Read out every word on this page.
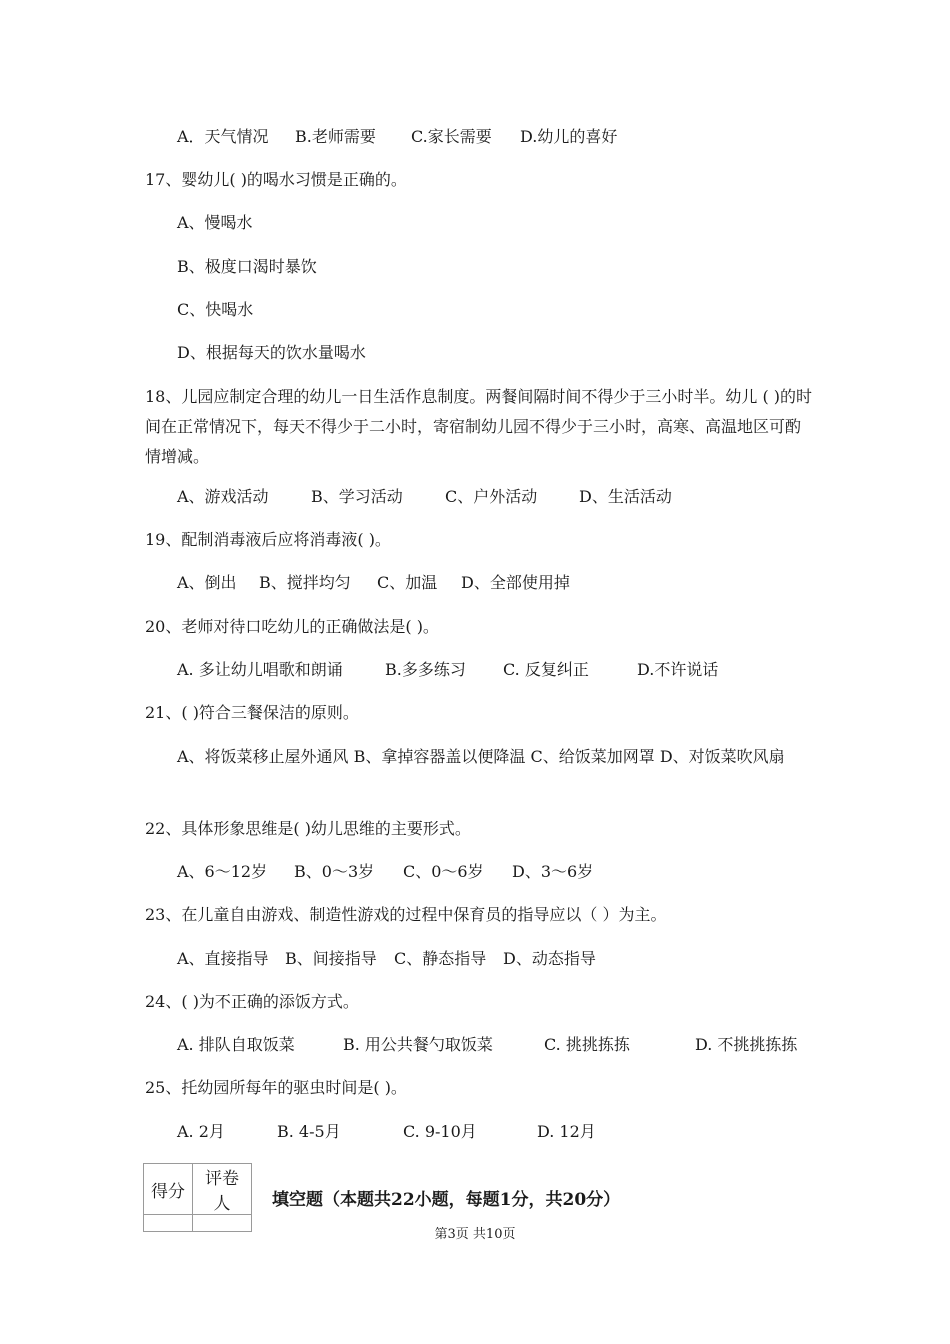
A．天气情况 B.老师需要 C.家长需要 D.幼儿的喜好
17、婴幼儿( )的喝水习惯是正确的。
A、慢喝水
B、极度口渴时暴饮
C、快喝水
D、根据每天的饮水量喝水
18、儿园应制定合理的幼儿一日生活作息制度。两餐间隔时间不得少于三小时半。幼儿 ( )的时间在正常情况下，每天不得少于二小时，寄宿制幼儿园不得少于三小时，高寒、高温地区可酌情增减。
A、游戏活动	B、学习活动	C、户外活动	D、生活活动
19、配制消毒液后应将消毒液( )。
A、倒出 B、搅拌均匀 C、加温 D、全部使用掉
20、老师对待口吃幼儿的正确做法是( )。
A. 多让幼儿唱歌和朗诵	B.多多练习 C. 反复纠正	D.不许说话
21、( )符合三餐保洁的原则。
A、将饭菜移止屋外通风 B、拿掉容器盖以便降温 C、给饭菜加网罩 D、对饭菜吹风扇
22、具体形象思维是( )幼儿思维的主要形式。
A、6～12岁 B、0～3岁 C、0～6岁 D、3～6岁
23、在儿童自由游戏、制造性游戏的过程中保育员的指导应以（ ）为主。
A、直接指导 B、间接指导 C、静态指导 D、动态指导
24、( )为不正确的添饭方式。
A. 排队自取饭菜	B. 用公共餐勺取饭菜	C. 挑挑拣拣	D. 不挑挑拣拣
25、托幼园所每年的驱虫时间是( )。
A. 2月	B. 4-5月	C. 9-10月	D. 12月
得分	评卷人
	填空题（本题共22小题，每题1分，共20分）
第3页 共10页
